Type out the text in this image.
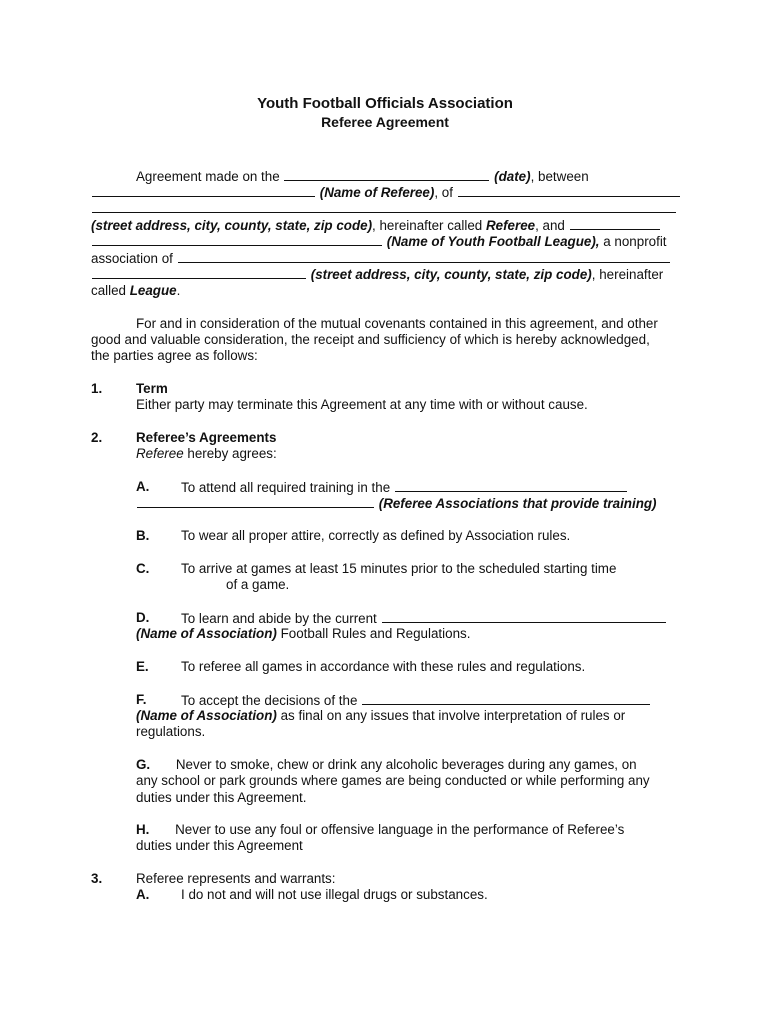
Youth Football Officials Association
Referee Agreement
Agreement made on the	(date), between
(Name of Referee), of
(street address, city, county, state, zip code), hereinafter called Referee, and
(Name of Youth Football League), a nonprofit
association of
(street address, city, county, state, zip code), hereinafter
called League.
For and in consideration of the mutual covenants contained in this agreement, and other
good and valuable consideration, the receipt and sufficiency of which is hereby acknowledged,
the parties agree as follows:
1.	Term
Either party may terminate this Agreement at any time with or without cause.
2.	Referee’s Agreements
Referee hereby agrees:
A. To attend all required training in the
(Referee Associations that provide training)
B. To wear all proper attire, correctly as defined by Association rules.
C. To arrive at games at least 15 minutes prior to the scheduled starting time
of a game.
D. To learn and abide by the current
(Name of Association) Football Rules and Regulations.
E. To referee all games in accordance with these rules and regulations.
F.	To accept the decisions of the
(Name of Association) as final on any issues that involve interpretation of rules or
regulations.
G. Never to smoke, chew or drink any alcoholic beverages during any games, on
any school or park grounds where games are being conducted or while performing any
duties under this Agreement.
H. Never to use any foul or offensive language in the performance of Referee’s
duties under this Agreement
3.	Referee represents and warrants:
A. I do not and will not use illegal drugs or substances.
